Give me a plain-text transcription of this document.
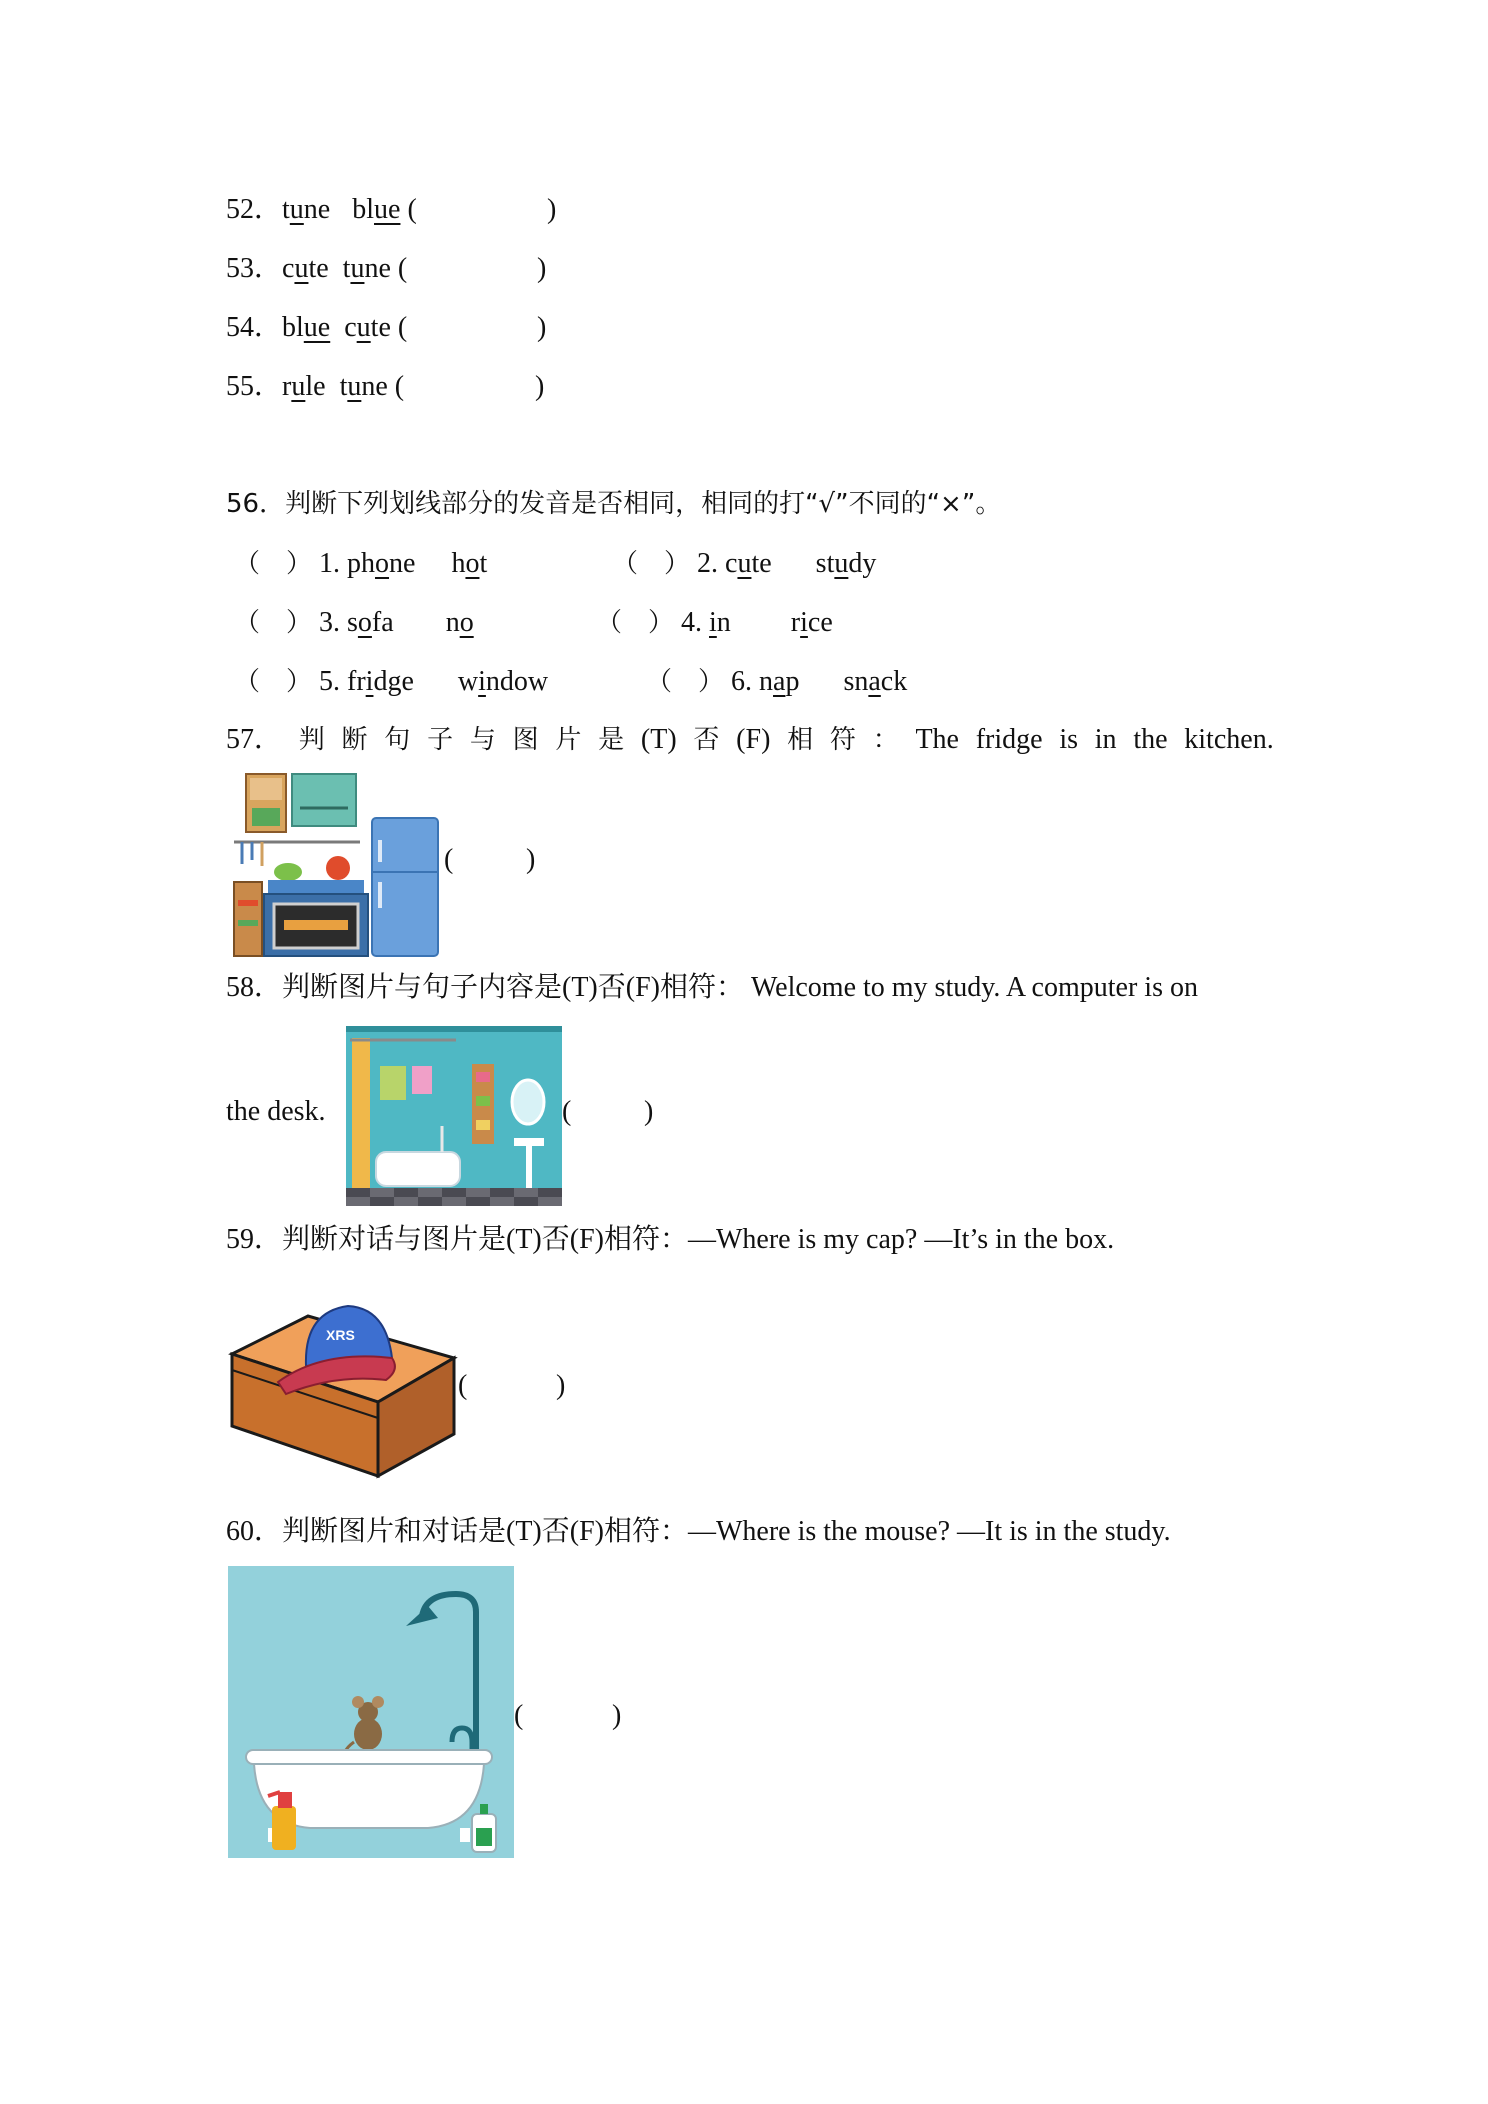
52．tune blue (	)
53．cute tune (	)
54．blue cute (	)
55．rule tune (	)
56．判断下列划线部分的发音是否相同，相同的打“√”不同的“×”。
（　） 1. phone hot	（　） 2. cute study
（　） 3. sofa no	（　） 4. in rice
（　） 5. fridge window	（　） 6. nap snack
57． 判 断 句 子 与 图 片 是 (T) 否 (F) 相 符 ： The fridge is in the kitchen.
(	)
58．判断图片与句子内容是(T)否(F)相符： Welcome to my study. A computer is on
the desk.	(	)
59．判断对话与图片是(T)否(F)相符：—Where is my cap? —It’s in the box.
XRS
(	)
60．判断图片和对话是(T)否(F)相符：—Where is the mouse? —It is in the study.
(	)
